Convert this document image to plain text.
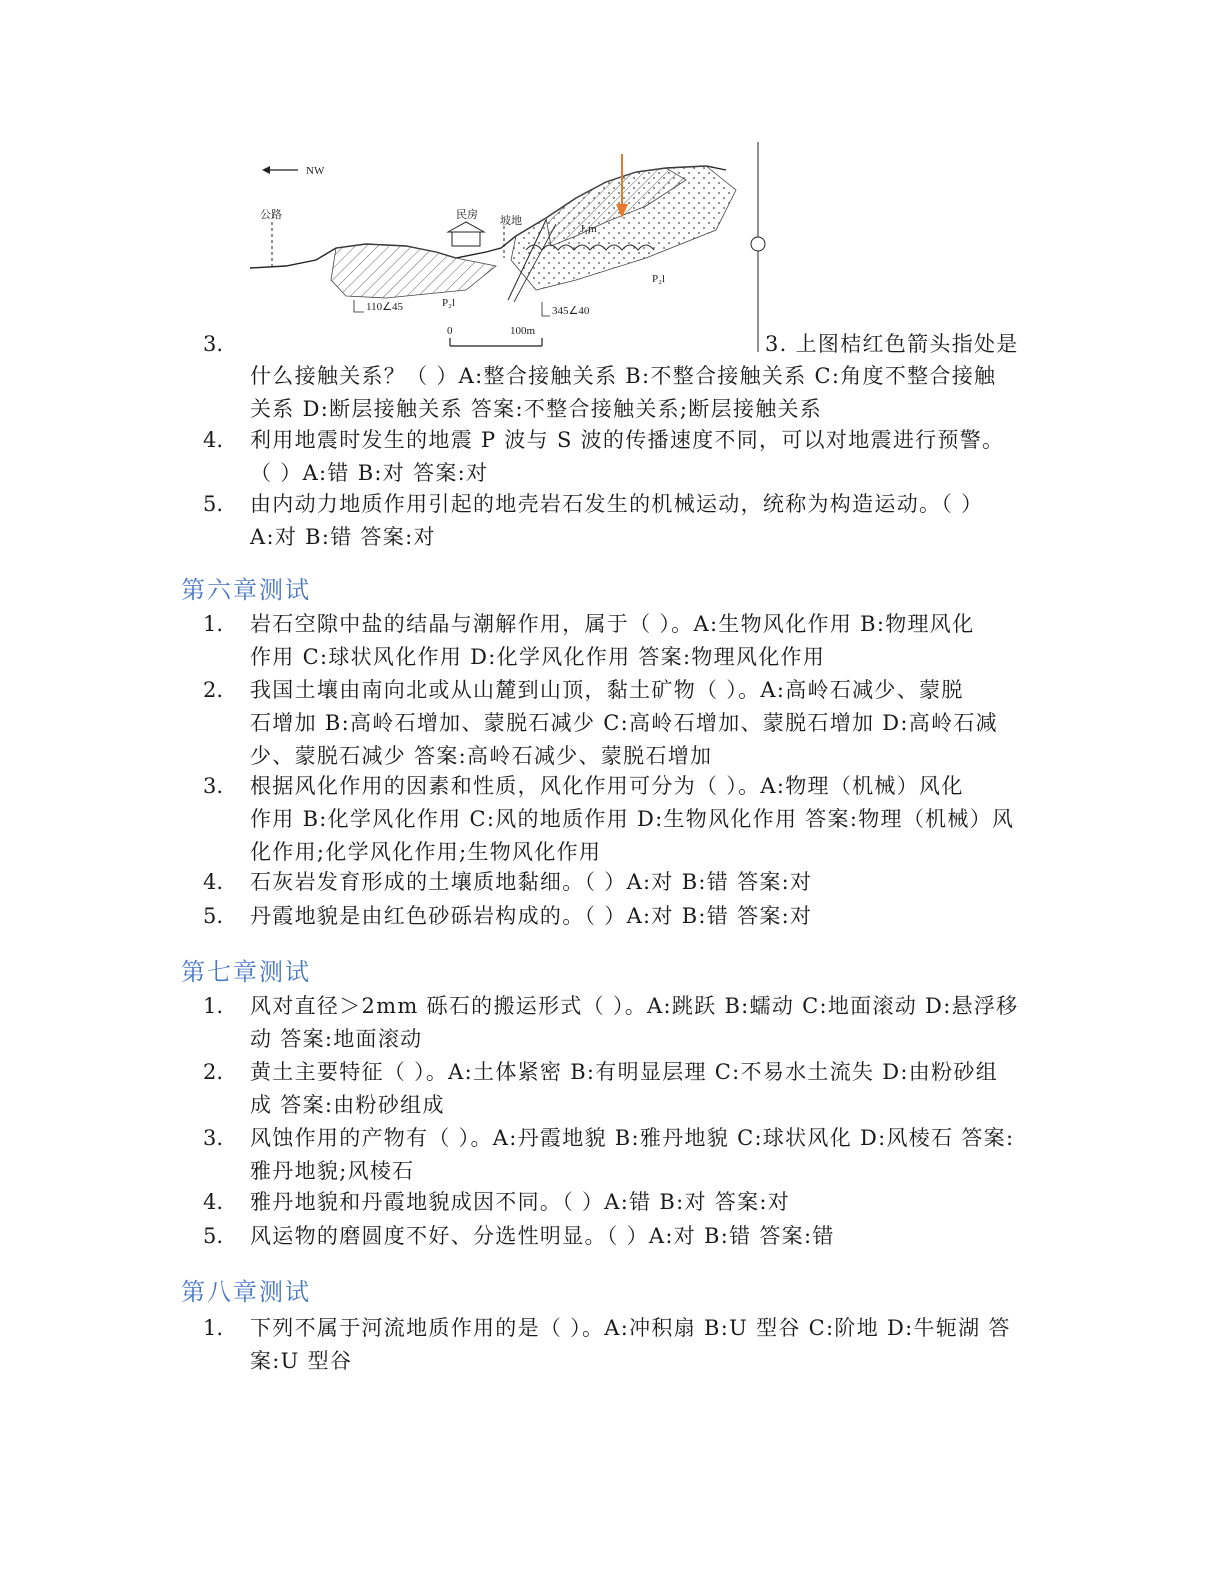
NW
公路	民房 坡地
J₁m
P₂l
P₂l
110∠45	345∠40
0	100m
3.	3. 上图桔红色箭头指处是
什么接触关系？（ ）A:整合接触关系 B:不整合接触关系 C:角度不整合接触
关系 D:断层接触关系 答案:不整合接触关系;断层接触关系
4. 利用地震时发生的地震 P 波与 S 波的传播速度不同，可以对地震进行预警。
（ ）A:错 B:对 答案:对
5. 由内动力地质作用引起的地壳岩石发生的机械运动，统称为构造运动。（ ）
A:对 B:错 答案:对
第六章测试
1. 岩石空隙中盐的结晶与潮解作用，属于（ ）。A:生物风化作用 B:物理风化
作用 C:球状风化作用 D:化学风化作用 答案:物理风化作用
2. 我国土壤由南向北或从山麓到山顶，黏土矿物（ ）。A:高岭石减少、蒙脱
石增加 B:高岭石增加、蒙脱石减少 C:高岭石增加、蒙脱石增加 D:高岭石减
少、蒙脱石减少 答案:高岭石减少、蒙脱石增加
3. 根据风化作用的因素和性质，风化作用可分为（ ）。A:物理（机械）风化
作用 B:化学风化作用 C:风的地质作用 D:生物风化作用 答案:物理（机械）风
化作用;化学风化作用;生物风化作用
4. 石灰岩发育形成的土壤质地黏细。（ ）A:对 B:错 答案:对
5. 丹霞地貌是由红色砂砾岩构成的。（ ）A:对 B:错 答案:对
第七章测试
1. 风对直径＞2mm 砾石的搬运形式（ ）。A:跳跃 B:蠕动 C:地面滚动 D:悬浮移
动 答案:地面滚动
2. 黄土主要特征（ ）。A:土体紧密 B:有明显层理 C:不易水土流失 D:由粉砂组
成 答案:由粉砂组成
3. 风蚀作用的产物有（ ）。A:丹霞地貌 B:雅丹地貌 C:球状风化 D:风棱石 答案:
雅丹地貌;风棱石
4. 雅丹地貌和丹霞地貌成因不同。（ ）A:错 B:对 答案:对
5. 风运物的磨圆度不好、分选性明显。（ ）A:对 B:错 答案:错
第八章测试
1. 下列不属于河流地质作用的是（ ）。A:冲积扇 B:U 型谷 C:阶地 D:牛轭湖 答
案:U 型谷
